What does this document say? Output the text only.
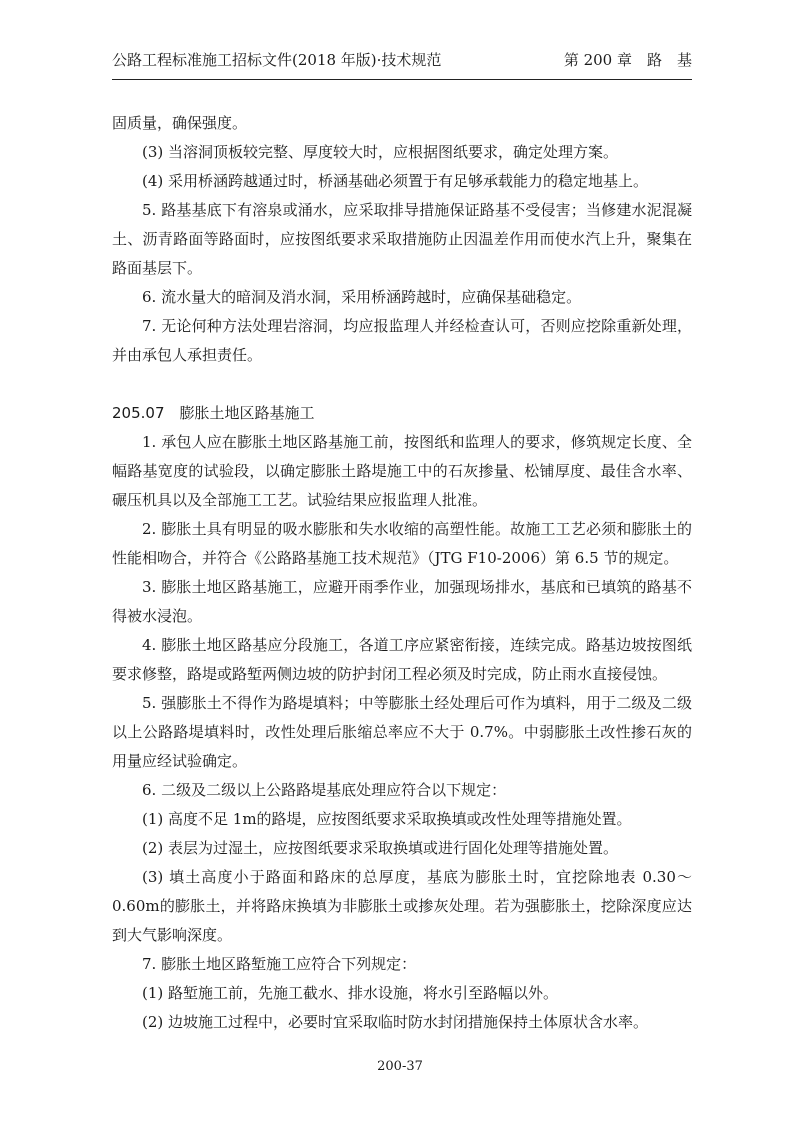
公路工程标准施工招标文件(2018 年版)·技术规范	第 200 章　路　基

固质量，确保强度。

(3) 当溶洞顶板较完整、厚度较大时，应根据图纸要求，确定处理方案。

(4) 采用桥涵跨越通过时，桥涵基础必须置于有足够承载能力的稳定地基上。

5. 路基基底下有溶泉或涌水，应采取排导措施保证路基不受侵害；当修建水泥混凝土、沥青路面等路面时，应按图纸要求采取措施防止因温差作用而使水汽上升，聚集在路面基层下。

6. 流水量大的暗洞及消水洞，采用桥涵跨越时，应确保基础稳定。

7. 无论何种方法处理岩溶洞，均应报监理人并经检查认可，否则应挖除重新处理，并由承包人承担责任。

205.07　膨胀土地区路基施工

1. 承包人应在膨胀土地区路基施工前，按图纸和监理人的要求，修筑规定长度、全幅路基宽度的试验段，以确定膨胀土路堤施工中的石灰掺量、松铺厚度、最佳含水率、碾压机具以及全部施工工艺。试验结果应报监理人批准。

2. 膨胀土具有明显的吸水膨胀和失水收缩的高塑性能。故施工工艺必须和膨胀土的性能相吻合，并符合《公路路基施工技术规范》（JTG F10-2006）第 6.5 节的规定。

3. 膨胀土地区路基施工，应避开雨季作业，加强现场排水，基底和已填筑的路基不得被水浸泡。

4. 膨胀土地区路基应分段施工，各道工序应紧密衔接，连续完成。路基边坡按图纸要求修整，路堤或路堑两侧边坡的防护封闭工程必须及时完成，防止雨水直接侵蚀。

5. 强膨胀土不得作为路堤填料；中等膨胀土经处理后可作为填料，用于二级及二级以上公路路堤填料时，改性处理后胀缩总率应不大于 0.7%。中弱膨胀土改性掺石灰的用量应经试验确定。

6. 二级及二级以上公路路堤基底处理应符合以下规定：

(1) 高度不足 1m的路堤，应按图纸要求采取换填或改性处理等措施处置。

(2) 表层为过湿土，应按图纸要求采取换填或进行固化处理等措施处置。

(3) 填土高度小于路面和路床的总厚度，基底为膨胀土时，宜挖除地表 0.30～0.60m的膨胀土，并将路床换填为非膨胀土或掺灰处理。若为强膨胀土，挖除深度应达到大气影响深度。

7. 膨胀土地区路堑施工应符合下列规定：

(1) 路堑施工前，先施工截水、排水设施，将水引至路幅以外。

(2) 边坡施工过程中，必要时宜采取临时防水封闭措施保持土体原状含水率。

200-37
